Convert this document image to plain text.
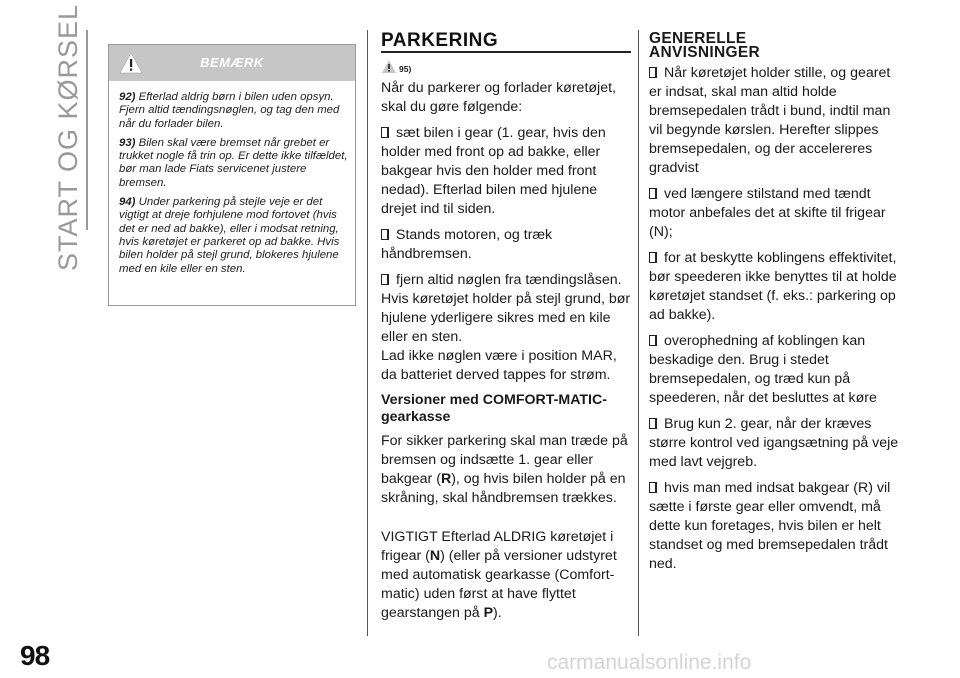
START OG KØRSEL
98
BEMÆRK

92) Efterlad aldrig børn i bilen uden opsyn. Fjern altid tændingsnøglen, og tag den med når du forlader bilen.

93) Bilen skal være bremset når grebet er trukket nogle få trin op. Er dette ikke tilfældet, bør man lade Fiats servicenet justere bremsen.

94) Under parkering på stejle veje er det vigtigt at dreje forhjulene mod fortovet (hvis det er ned ad bakke), eller i modsat retning, hvis køretøjet er parkeret op ad bakke. Hvis bilen holder på stejl grund, blokeres hjulene med en kile eller en sten.

PARKERING
95)

Når du parkerer og forlader køretøjet, skal du gøre følgende:

sæt bilen i gear (1. gear, hvis den holder med front op ad bakke, eller bakgear hvis den holder med front nedad). Efterlad bilen med hjulene drejet ind til siden.

Stands motoren, og træk håndbremsen.

fjern altid nøglen fra tændingslåsen.

Hvis køretøjet holder på stejl grund, bør hjulene yderligere sikres med en kile eller en sten.

Lad ikke nøglen være i position MAR, da batteriet derved tappes for strøm.

Versioner med COMFORT-MATIC-gearkasse

For sikker parkering skal man træde på bremsen og indsætte 1. gear eller bakgear (R), og hvis bilen holder på en skråning, skal håndbremsen trækkes.

VIGTIGT Efterlad ALDRIG køretøjet i frigear (N) (eller på versioner udstyret med automatisk gearkasse (Comfort-matic) uden først at have flyttet gearstangen på P).

GENERELLE
ANVISNINGER

Når køretøjet holder stille, og gearet er indsat, skal man altid holde bremsepedalen trådt i bund, indtil man vil begynde kørslen. Herefter slippes bremsepedalen, og der accelereres gradvist

ved længere stilstand med tændt motor anbefales det at skifte til frigear (N);

for at beskytte koblingens effektivitet, bør speederen ikke benyttes til at holde køretøjet standset (f. eks.: parkering op ad bakke).

overophedning af koblingen kan beskadige den. Brug i stedet bremsepedalen, og træd kun på speederen, når det besluttes at køre

Brug kun 2. gear, når der kræves større kontrol ved igangsætning på veje med lavt vejgreb.

hvis man med indsat bakgear (R) vil sætte i første gear eller omvendt, må dette kun foretages, hvis bilen er helt standset og med bremsepedalen trådt ned.

carmanualsonline.info
